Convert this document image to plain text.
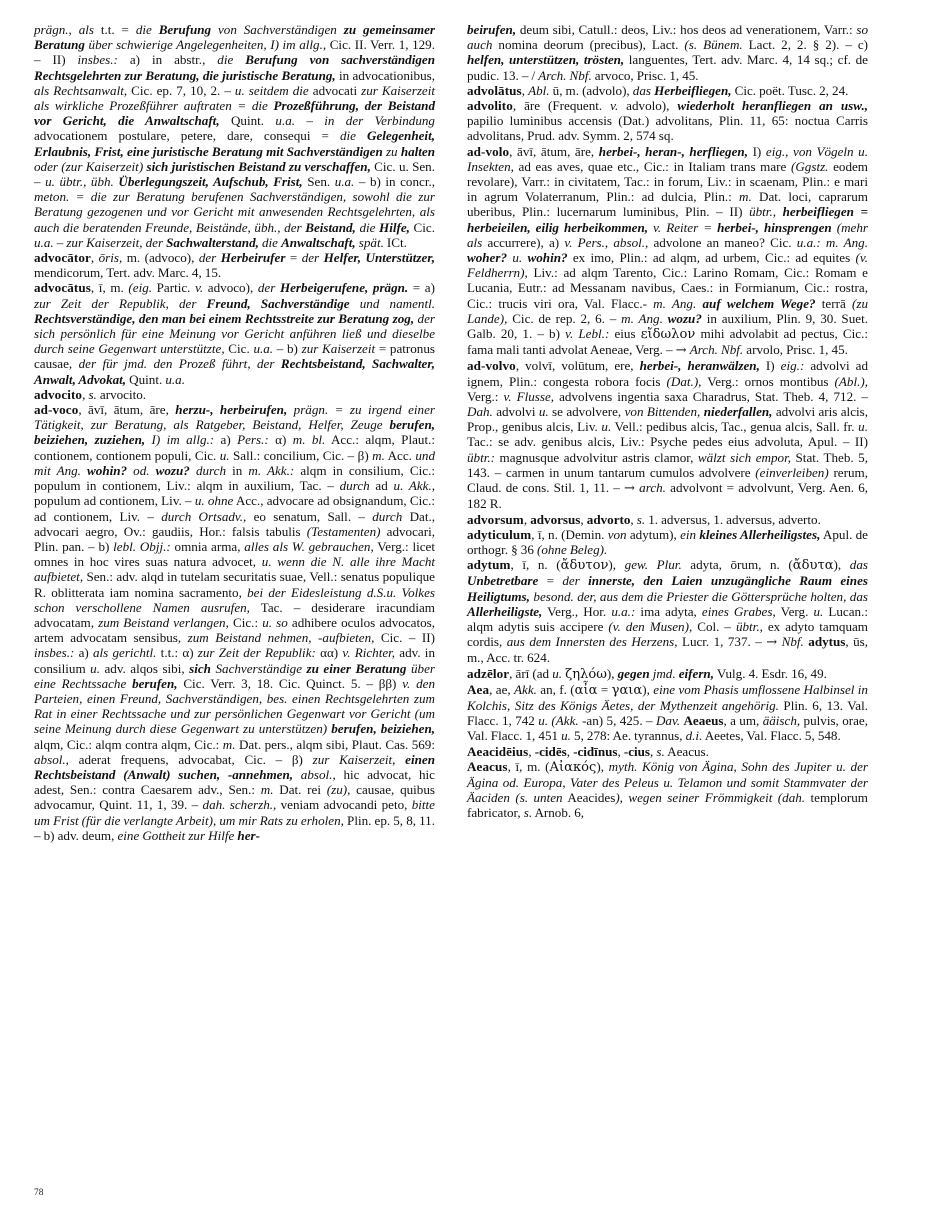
prägn., als t.t. = die Berufung von Sachverständigen zu gemeinsamer Beratung über schwierige Angelegenheiten, I) im allg., Cic. II. Verr. 1, 129. – II) insbes.: a) in abstr., die Berufung von sachverständigen Rechtsgelehrten zur Beratung, die juristische Beratung, in advocationibus, als Rechtsanwalt, Cic. ep. 7, 10, 2. – u. seitdem die advocati zur Kaiserzeit als wirkliche Prozeßführer auftraten = die Prozeßführung, der Beistand vor Gericht, die Anwaltschaft, Quint. u.a. – in der Verbindung advocationem postulare, petere, dare, consequi = die Gelegenheit, Erlaubnis, Frist, eine juristische Beratung mit Sachverständigen zu halten oder (zur Kaiserzeit) sich juristischen Beistand zu verschaffen, Cic. u. Sen. – u. übtr., übh. Überlegungszeit, Aufschub, Frist, Sen. u.a. – b) in concr., meton. = die zur Beratung berufenen Sachverständigen, sowohl die zur Beratung gezogenen und vor Gericht mit anwesenden Rechtsgelehrten, als auch die beratenden Freunde, Beistände, übh., der Beistand, die Hilfe, Cic. u.a. – zur Kaiserzeit, der Sachwalterstand, die Anwaltschaft, spät. ICt.

advocātor, ōris, m. (advoco), der Herbeirufer = der Helfer, Unterstützer, mendicorum, Tert. adv. Marc. 4, 15.

advocātus, ī, m. (eig. Partic. v. advoco), der Herbeigerufene, prägn. = a) zur Zeit der Republik, der Freund, Sachverständige und namentl. Rechtsverständige, den man bei einem Rechtsstreite zur Beratung zog, der sich persönlich für eine Meinung vor Gericht anführen ließ und dieselbe durch seine Gegenwart unterstützte, Cic. u.a. – b) zur Kaiserzeit = patronus causae, der für jmd. den Prozeß führt, der Rechtsbeistand, Sachwalter, Anwalt, Advokat, Quint. u.a.

advocito, s. arvocito.

ad-voco, āvī, ātum, āre, herzu-, herbeirufen, prägn. = zu irgend einer Tätigkeit, zur Beratung, als Ratgeber, Beistand, Helfer, Zeuge berufen, beiziehen, zuziehen, I) im allg.: a) Pers.: α) m. bl. Acc.: alqm, Plaut.: contionem, contionem populi, Cic. u. Sall.: concilium, Cic. – β) m. Acc. und mit Ang. wohin? od. wozu? durch in m. Akk.: alqm in consilium, Cic.: populum in contionem, Liv.: alqm in auxilium, Tac. – durch ad u. Akk., populum ad contionem, Liv. – u. ohne Acc., advocare ad obsignandum, Cic.: ad contionem, Liv. – durch Ortsadv., eo senatum, Sall. – durch Dat., advocari aegro, Ov.: gaudiis, Hor.: falsis tabulis (Testamenten) advocari, Plin. pan. – b) lebl. Objj.: omnia arma, alles als W. gebrauchen, Verg.: licet omnes in hoc vires suas natura advocet, u. wenn die N. alle ihre Macht aufbietet, Sen.: adv. alqd in tutelam securitatis suae, Vell.: senatus populique R. oblitterata iam nomina sacramento, bei der Eidesleistung d.S.u. Volkes schon verschollene Namen ausrufen, Tac. – desiderare iracundiam advocatam, zum Beistand verlangen, Cic.: u. so adhibere oculos advocatos, artem advocatam sensibus, zum Beistand nehmen, -aufbieten, Cic. – II) insbes.: a) als gerichtl. t.t.: α) zur Zeit der Republik: αα) v. Richter, adv. in consilium u. adv. alqos sibi, sich Sachverständige zu einer Beratung über eine Rechtssache berufen, Cic. Verr. 3, 18. Cic. Quinct. 5. – ββ) v. den Parteien, einen Freund, Sachverständigen, bes. einen Rechtsgelehrten zum Rat in einer Rechtssache und zur persönlichen Gegenwart vor Gericht (um seine Meinung durch diese Gegenwart zu unterstützen) berufen, beiziehen, alqm, Cic.: alqm contra alqm, Cic.: m. Dat. pers., alqm sibi, Plaut. Cas. 569: absol., aderat frequens, advocabat, Cic. – β) zur Kaiserzeit, einen Rechtsbeistand (Anwalt) suchen, -annehmen, absol., hic advocat, hic adest, Sen.: contra Caesarem adv., Sen.: m. Dat. rei (zu), causae, quibus advocamur, Quint. 11, 1, 39. – dah. scherzh., veniam advocandi peto, bitte um Frist (für die verlangte Arbeit), um mir Rats zu erholen, Plin. ep. 5, 8, 11. – b) adv. deum, eine Gottheit zur Hilfe her-

beirufen, deum sibi, Catull.: deos, Liv.: hos deos ad venerationem, Varr.: so auch nomina deorum (precibus), Lact. (s. Bünem. Lact. 2, 2. § 2). – c) helfen, unterstützen, trösten, languentes, Tert. adv. Marc. 4, 14 sq.; cf. de pudic. 13. – / Arch. Nbf. arvoco, Prisc. 1, 45.

advolātus, Abl. ū, m. (advolo), das Herbeifliegen, Cic. poët. Tusc. 2, 24.

advolito, āre (Frequent. v. advolo), wiederholt heranfliegen an usw., papilio luminibus accensis (Dat.) advolitans, Plin. 11, 65: noctua Carris advolitans, Prud. adv. Symm. 2, 574 sq.

ad-volo, āvī, ātum, āre, herbei-, heran-, herfliegen, I) eig., von Vögeln u. Insekten, ad eas aves, quae etc., Cic.: in Italiam trans mare (Ggstz. eodem revolare), Varr.: in civitatem, Tac.: in forum, Liv.: in scaenam, Plin.: e mari in agrum Volaterranum, Plin.: ad dulcia, Plin.: m. Dat. loci, caprarum uberibus, Plin.: lucernarum luminibus, Plin. – II) übtr., herbeifliegen = herbeieilen, eilig herbeikommen, v. Reiter = herbei-, hinsprengen (mehr als accurrere), a) v. Pers., absol., advolone an maneo? Cic. u.a.: m. Ang. woher? u. wohin? ex imo, Plin.: ad alqm, ad urbem, Cic.: ad equites (v. Feldherrn), Liv.: ad alqm Tarento, Cic.: Larino Romam, Cic.: Romam e Lucania, Eutr.: ad Messanam navibus, Caes.: in Formianum, Cic.: rostra, Cic.: trucis viri ora, Val. Flacc.- m. Ang. auf welchem Wege? terrā (zu Lande), Cic. de rep. 2, 6. – m. Ang. wozu? in auxilium, Plin. 9, 30. Suet. Galb. 20, 1. – b) v. Lebl.: eius εἴδωλον mihi advolabit ad pectus, Cic.: fama mali tanti advolat Aeneae, Verg. – → Arch. Nbf. arvolo, Prisc. 1, 45.

ad-volvo, volvī, volūtum, ere, herbei-, heranwälzen, I) eig.: advolvi ad ignem, Plin.: congesta robora focis (Dat.), Verg.: ornos montibus (Abl.), Verg.: v. Flusse, advolvens ingentia saxa Charadrus, Stat. Theb. 4, 712. – Dah. advolvi u. se advolvere, von Bittenden, niederfallen, advolvi aris alcis, Prop., genibus alcis, Liv. u. Vell.: pedibus alcis, Tac., genua alcis, Sall. fr. u. Tac.: se adv. genibus alcis, Liv.: Psyche pedes eius advoluta, Apul. – II) übtr.: magnusque advolvitur astris clamor, wälzt sich empor, Stat. Theb. 5, 143. – carmen in unum tantarum cumulos advolvere (einverleiben) rerum, Claud. de cons. Stil. 1, 11. – → arch. advolvont = advolvunt, Verg. Aen. 6, 182 R.

advorsum, advorsus, advorto, s. 1. adversus, 1. adversus, adverto.

adyticulum, ī, n. (Demin. von adytum), ein kleines Allerheiligstes, Apul. de orthogr. § 36 (ohne Beleg).

adytum, ī, n. (ἄδυτον), gew. Plur. adyta, ōrum, n. (ἄδυτα), das Unbetretbare = der innerste, den Laien unzugängliche Raum eines Heiligtums, besond. der, aus dem die Priester die Göttersprüche holten, das Allerheiligste, Verg., Hor. u.a.: ima adyta, eines Grabes, Verg. u. Lucan.: alqm adytis suis accipere (v. den Musen), Col. – übtr., ex adyto tamquam cordis, aus dem Innersten des Herzens, Lucr. 1, 737. – → Nbf. adytus, ūs, m., Acc. tr. 624.

adzēlor, ārī (ad u. ζηλόω), gegen jmd. eifern, Vulg. 4. Esdr. 16, 49.

Aea, ae, Akk. an, f. (αἶα = γαια), eine vom Phasis umflossene Halbinsel in Kolchis, Sitz des Königs Äetes, der Mythenzeit angehörig. Plin. 6, 13. Val. Flacc. 1, 742 u. (Akk. -an) 5, 425. – Dav. Aeaeus, a um, ääisch, pulvis, orae, Val. Flacc. 1, 451 u. 5, 278: Ae. tyrannus, d.i. Aeetes, Val. Flacc. 5, 548.

Aeacidēius, -cidēs, -cidīnus, -cius, s. Aeacus.

Aeacus, ī, m. (Αἰακός), myth. König von Ägina, Sohn des Jupiter u. der Ägina od. Europa, Vater des Peleus u. Telamon und somit Stammvater der Äaciden (s. unten Aeacides), wegen seiner Frömmigkeit (dah. templorum fabricator, s. Arnob. 6,

78
